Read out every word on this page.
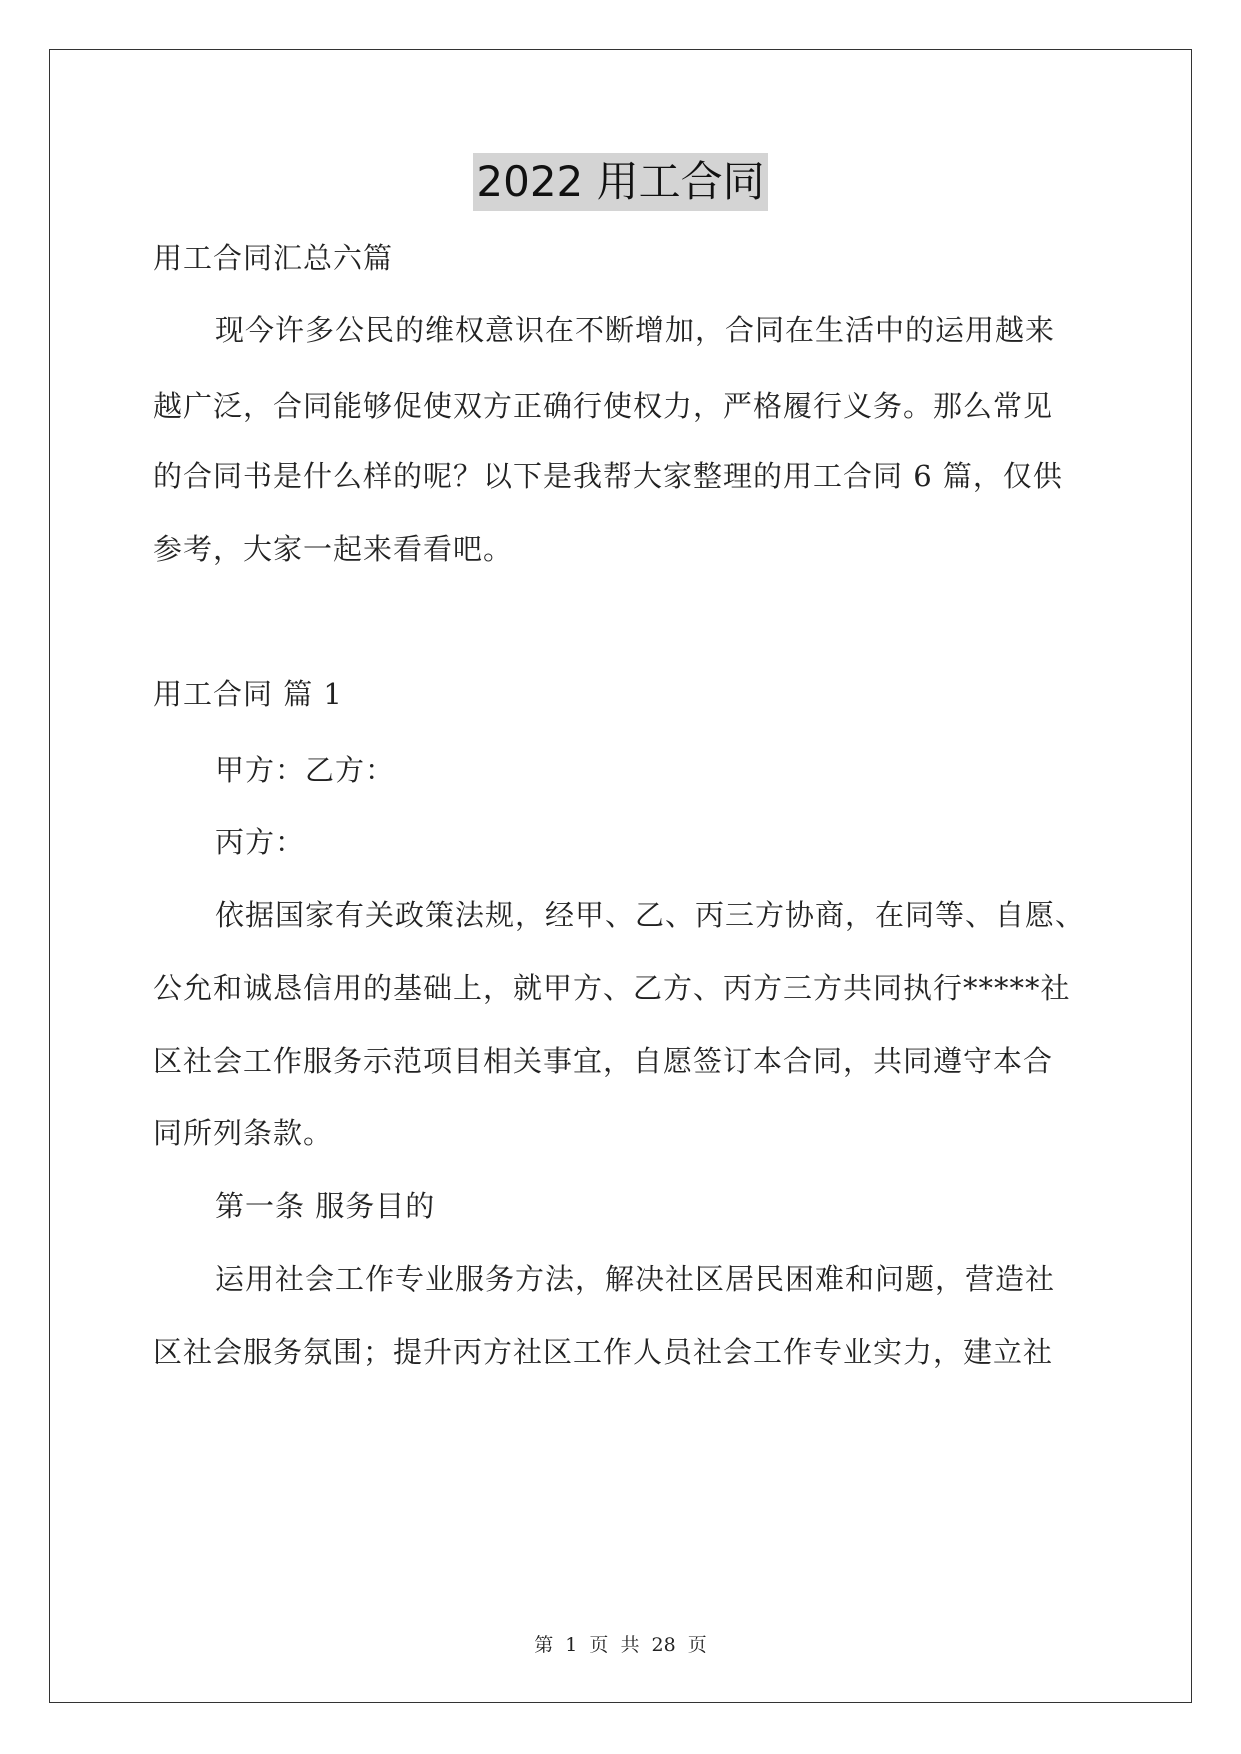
2022 用工合同
用工合同汇总六篇
现今许多公民的维权意识在不断增加，合同在生活中的运用越来
越广泛，合同能够促使双方正确行使权力，严格履行义务。那么常见
的合同书是什么样的呢？以下是我帮大家整理的用工合同 6 篇，仅供
参考，大家一起来看看吧。
用工合同 篇 1
甲方：乙方：
丙方：
依据国家有关政策法规，经甲、乙、丙三方协商，在同等、自愿、
公允和诚恳信用的基础上，就甲方、乙方、丙方三方共同执行*****社
区社会工作服务示范项目相关事宜，自愿签订本合同，共同遵守本合
同所列条款。
第一条 服务目的
运用社会工作专业服务方法，解决社区居民困难和问题，营造社
区社会服务氛围；提升丙方社区工作人员社会工作专业实力，建立社
第 1 页 共 28 页
